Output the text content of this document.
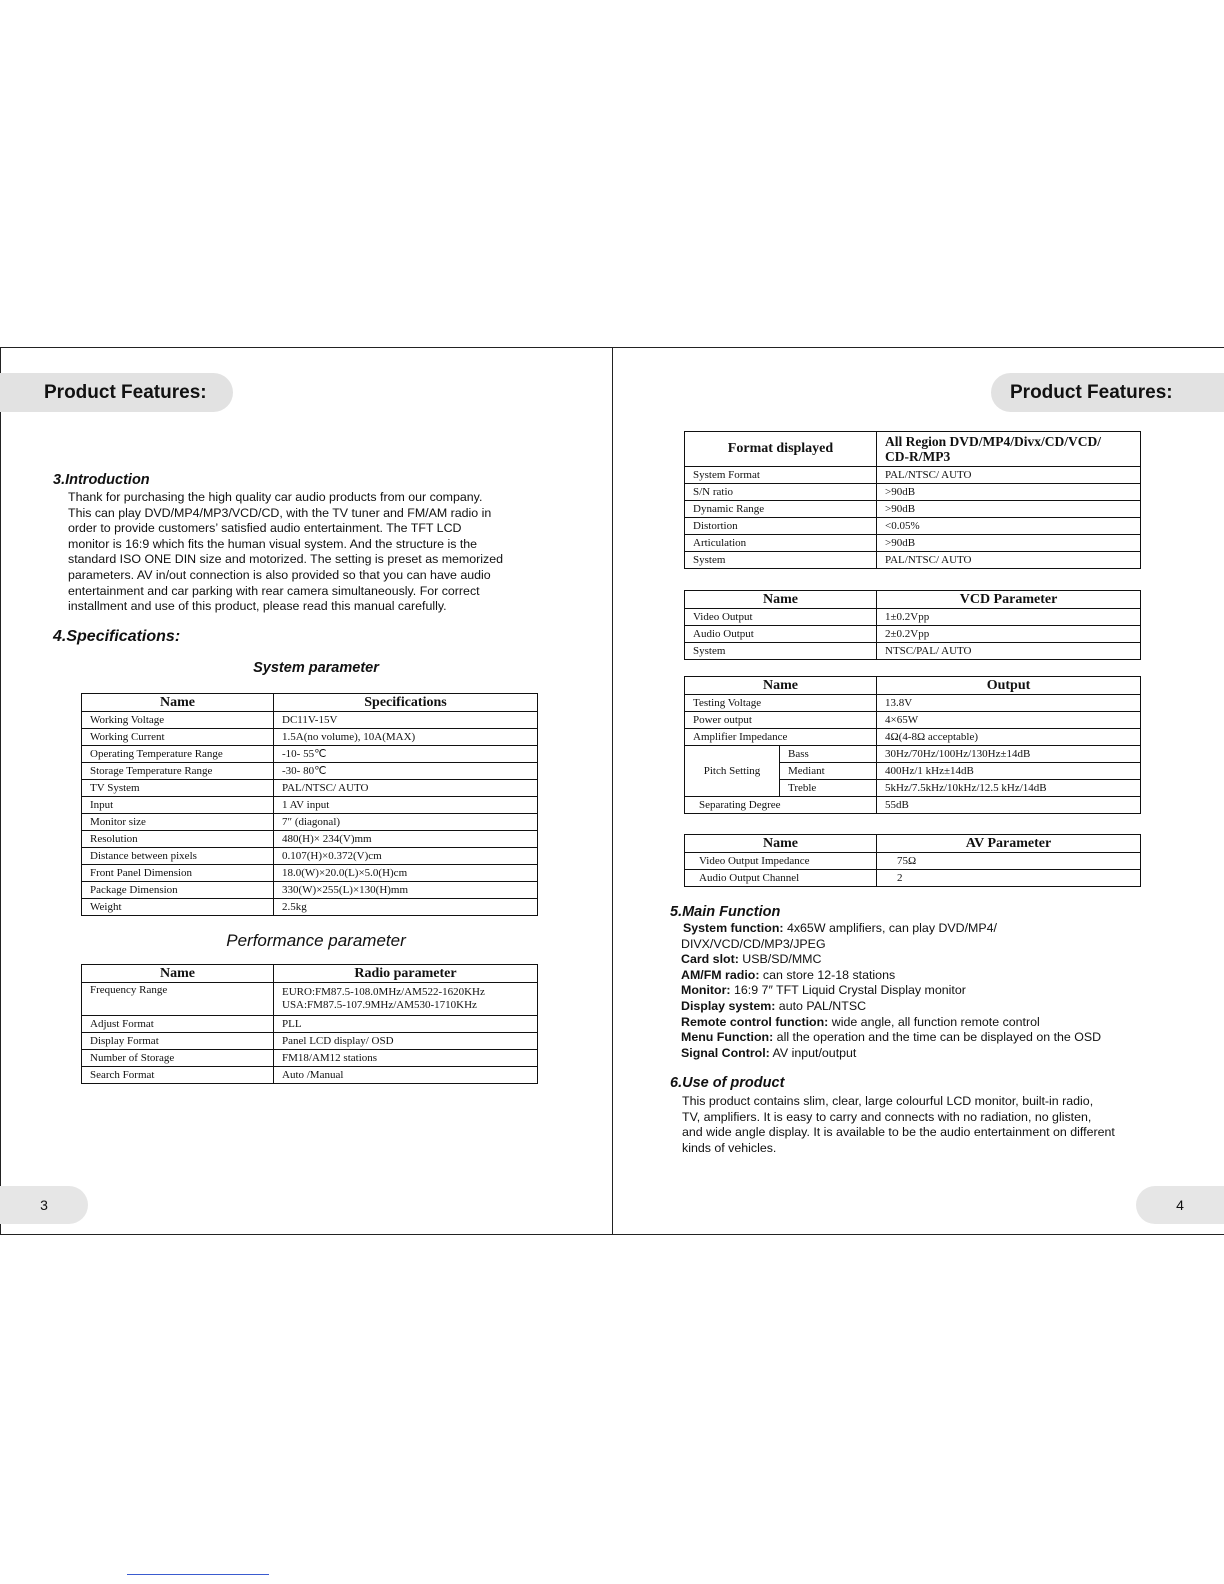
Product Features:	Product Features:
3.Introduction
Thank for purchasing the high quality car audio products from our company.
This can play DVD/MP4/MP3/VCD/CD, with the TV tuner and FM/AM radio in
order to provide customers’ satisfied audio entertainment. The TFT LCD
monitor is 16:9 which fits the human visual system. And the structure is the
standard ISO ONE DIN size and motorized. The setting is preset as memorized
parameters. AV in/out connection is also provided so that you can have audio
entertainment and car parking with rear camera simultaneously. For correct
installment and use of this product, please read this manual carefully.
4.Specifications:
System parameter
Name	Specifications
Working Voltage	DC11V-15V
Working Current	1.5A(no volume), 10A(MAX)
Operating Temperature Range	-10- 55℃
Storage Temperature Range	-30- 80℃
TV System	PAL/NTSC/ AUTO
Input	1 AV input
Monitor size	7″ (diagonal)
Resolution	480(H)× 234(V)mm
Distance between pixels	0.107(H)×0.372(V)cm
Front Panel Dimension	18.0(W)×20.0(L)×5.0(H)cm
Package Dimension	330(W)×255(L)×130(H)mm
Weight	2.5kg
Performance parameter
Name	Radio parameter
Frequency Range	EURO:FM87.5-108.0MHz/AM522-1620KHz
USA:FM87.5-107.9MHz/AM530-1710KHz

Adjust Format	PLL
Display Format	Panel LCD display/ OSD
Number of Storage	FM18/AM12 stations
Search Format	Auto /Manual
Format displayed	All Region DVD/MP4/Divx/CD/VCD/
CD-R/MP3

System Format	PAL/NTSC/ AUTO
S/N ratio	>90dB
Dynamic Range	>90dB
Distortion	<0.05%
Articulation	>90dB
System	PAL/NTSC/ AUTO
Name	VCD Parameter
Video Output	1±0.2Vpp
Audio Output	2±0.2Vpp
System	NTSC/PAL/ AUTO
Name		Output
Testing Voltage		13.8V
Power output		4×65W
Amplifier Impedance		4Ω(4-8Ω acceptable)
Pitch Setting	Bass	30Hz/70Hz/100Hz/130Hz±14dB
	Mediant	400Hz/1 kHz±14dB
	Treble	5kHz/7.5kHz/10kHz/12.5 kHz/14dB
Separating Degree		55dB
Name	AV Parameter
Video Output Impedance	75Ω
Audio Output Channel	2
5.Main Function
System function: 4x65W amplifiers, can play DVD/MP4/
DIVX/VCD/CD/MP3/JPEG
Card slot: USB/SD/MMC
AM/FM radio: can store 12-18 stations
Monitor: 16:9 7″ TFT Liquid Crystal Display monitor
Display system: auto PAL/NTSC
Remote control function: wide angle, all function remote control
Menu Function: all the operation and the time can be displayed on the OSD
Signal Control: AV input/output
6.Use of product
This product contains slim, clear, large colourful LCD monitor, built-in radio,
TV, amplifiers. It is easy to carry and connects with no radiation, no glisten,
and wide angle display. It is available to be the audio entertainment on different
kinds of vehicles.
3	4
